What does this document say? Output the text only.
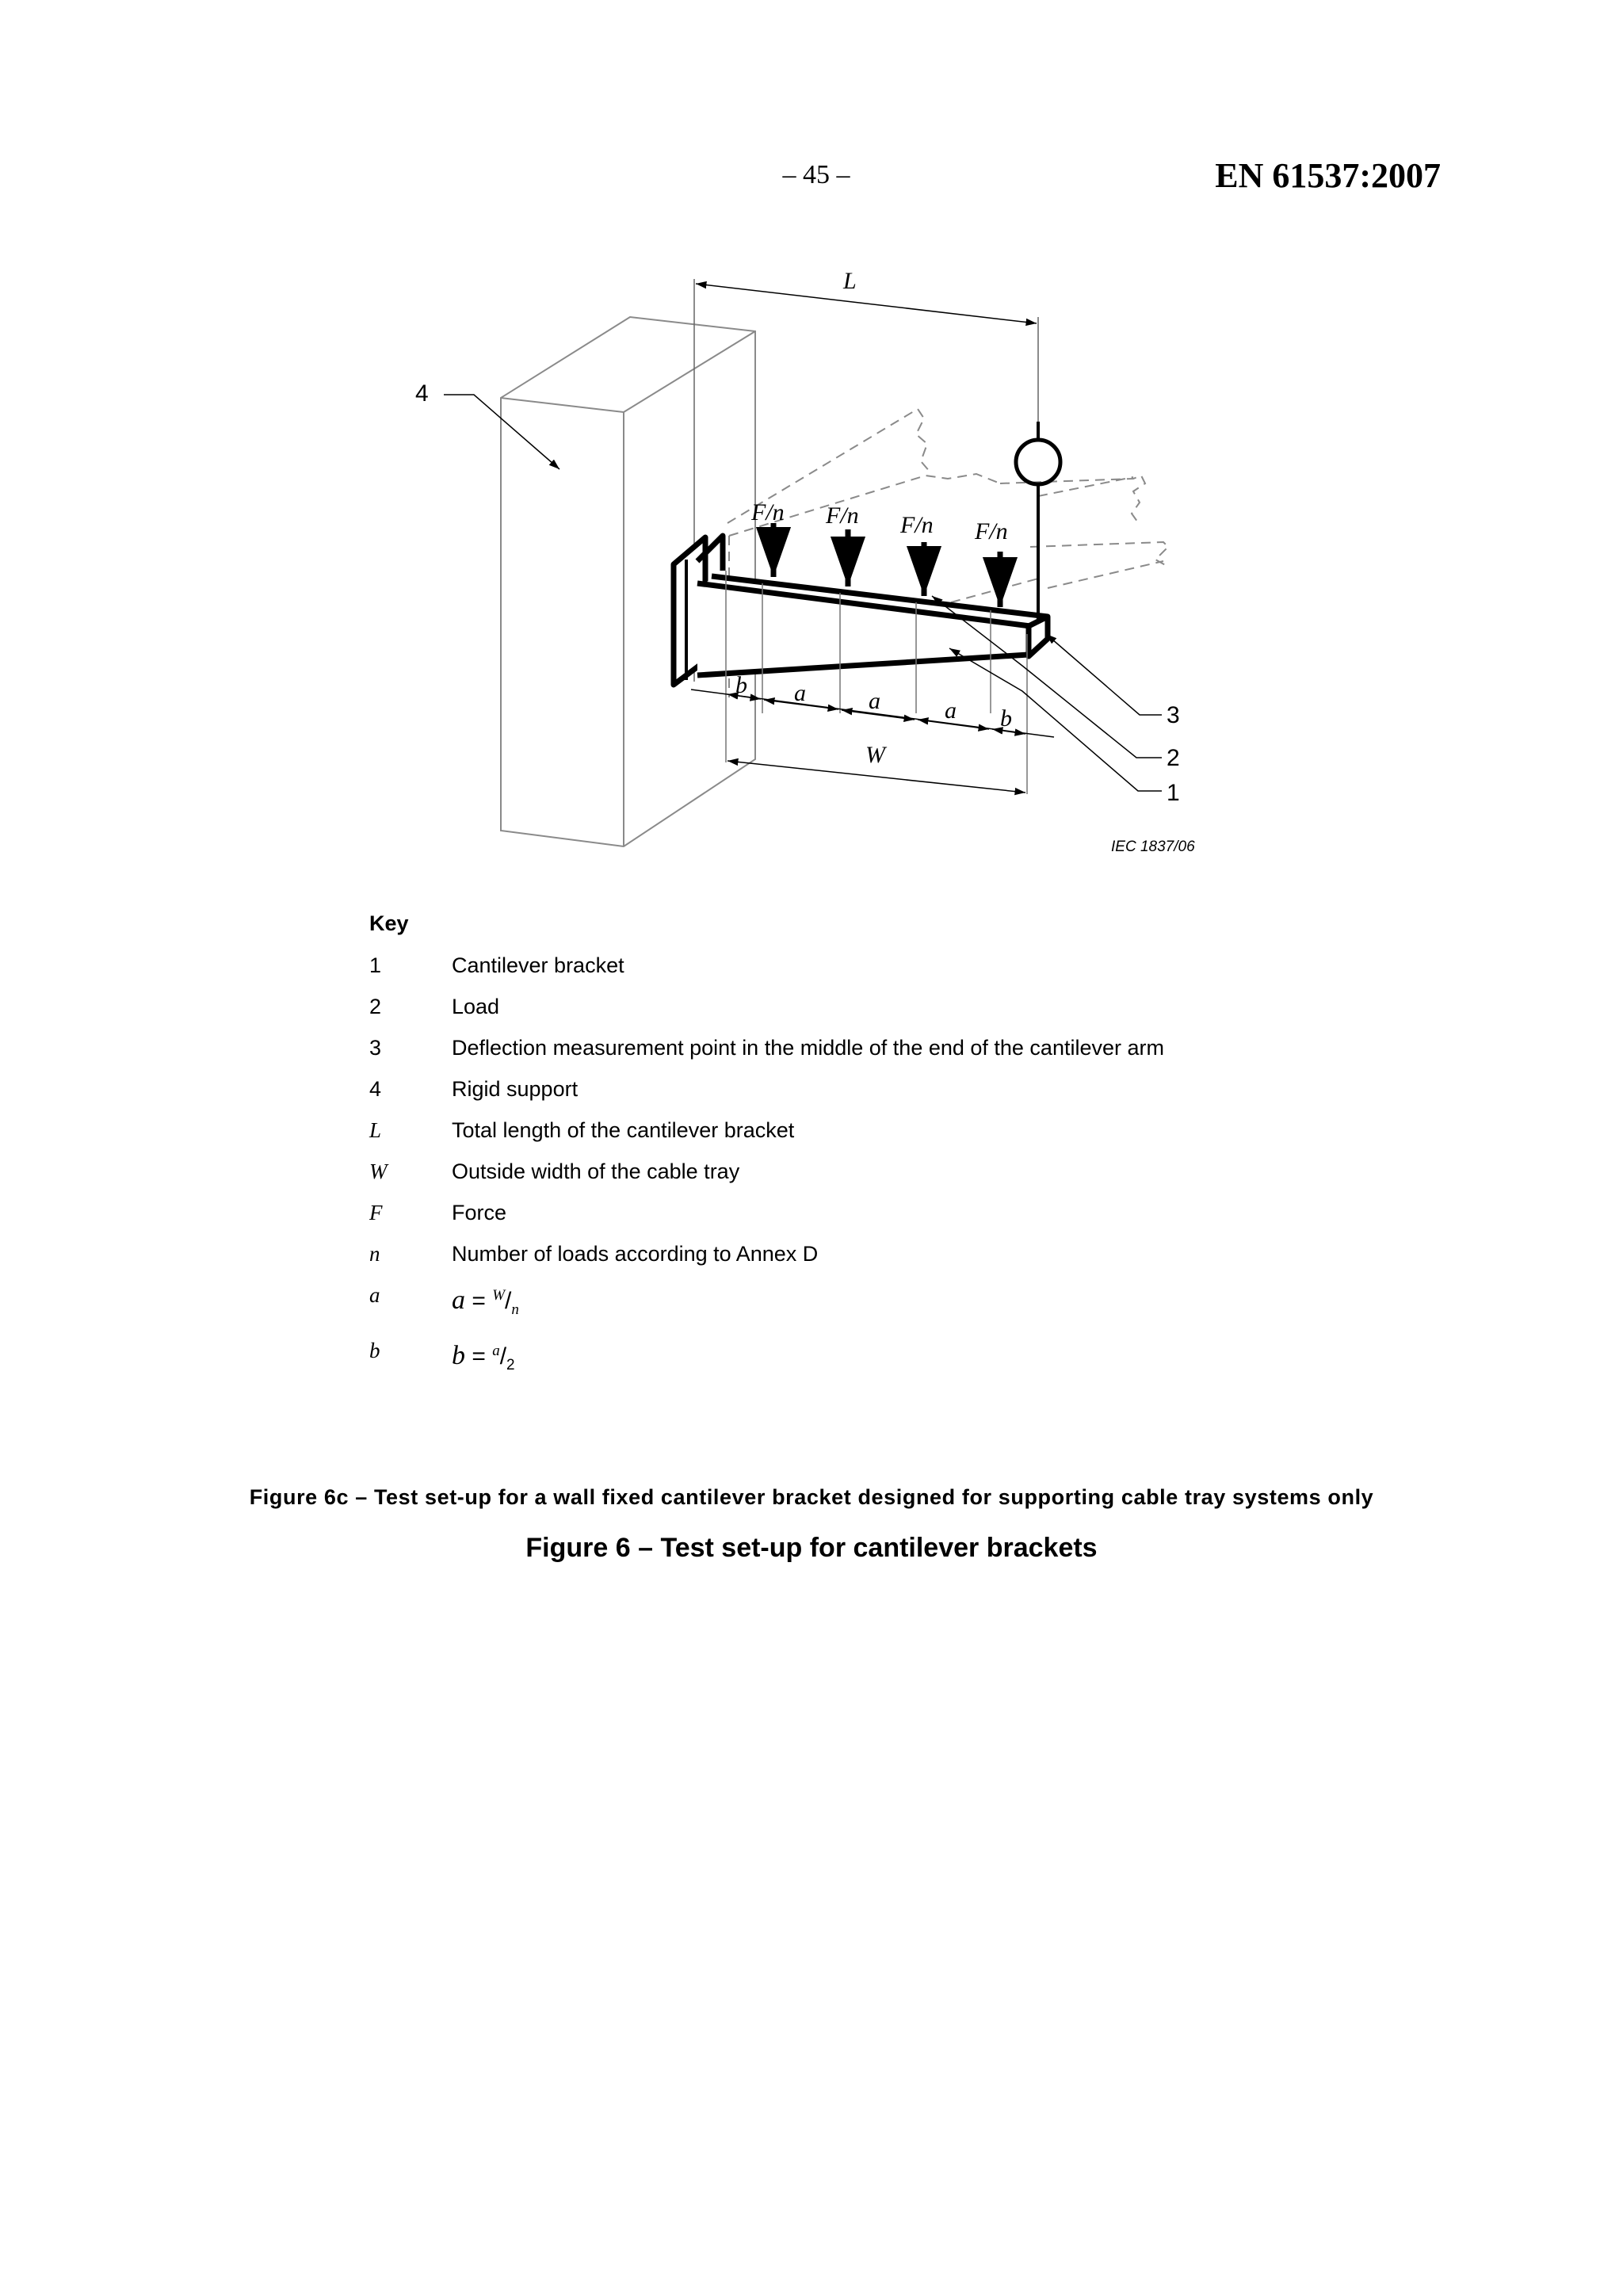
– 45 –	EN 61537:2007
L
F/n F/n F/n F/n
b a	a	a b
W
4
3
2
1
IEC 1837/06
Key
1	Cantilever bracket
2	Load
3	Deflection measurement point in the middle of the end of the cantilever arm
4	Rigid support
L	Total length of the cantilever bracket
W	Outside width of the cable tray
F	Force
n	Number of loads according to Annex D
a	$a = ^W/_n$
b	$b = ^a/_2$
Figure 6c – Test set-up for a wall fixed cantilever bracket designed for supporting cable tray systems only
Figure 6 – Test set-up for cantilever brackets
